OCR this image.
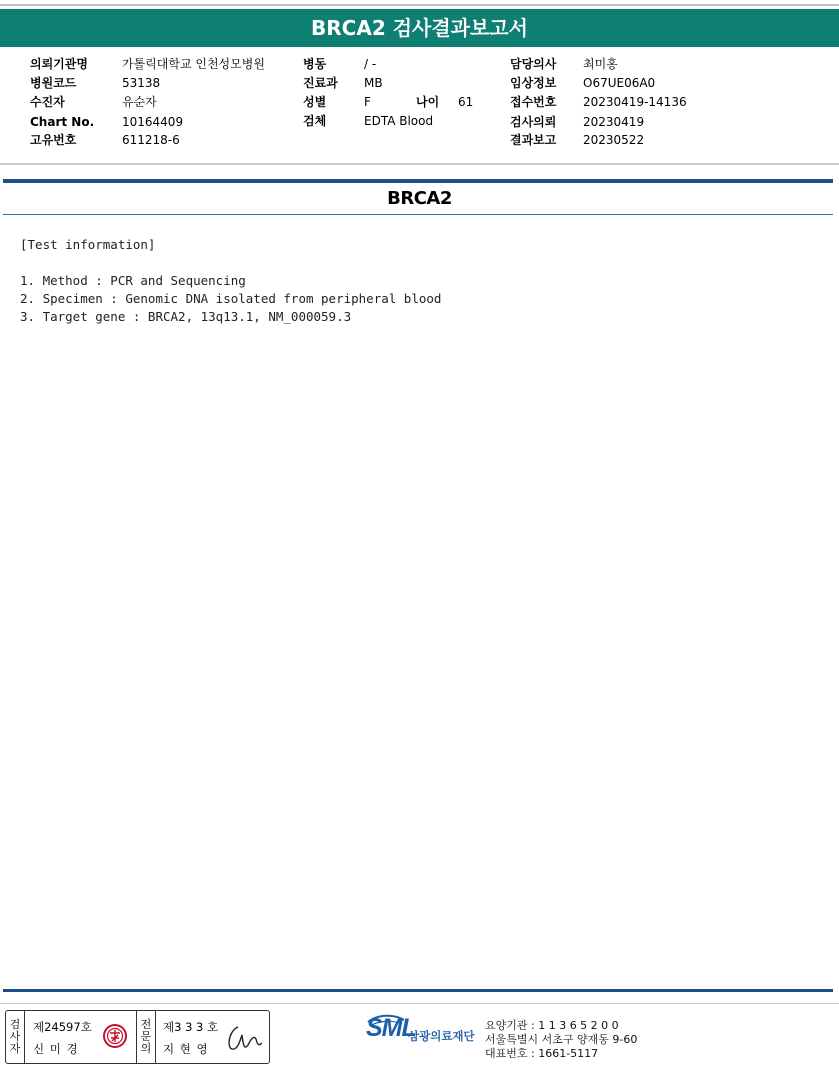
BRCA2 검사결과보고서
의뢰기관명
병원코드
수진자
Chart No.
고유번호
가톨릭대학교 인천성모병원
53138
유순자
10164409
611218-6
병동
진료과
성별
검체
/ -
MB
F
EDTA Blood
나이 61
담당의사
임상정보
접수번호
검사의뢰
결과보고
최미홍
O67UE06A0
20230419-14136
20230419
20230522
BRCA2
[Test information]
1. Method : PCR and Sequencing
2. Specimen : Genomic DNA isolated from peripheral blood
3. Target gene : BRCA2, 13q13.1, NM_000059.3
검
사
자
제24597호
신 미 경
전
문
의
제3 3 3 호
지 현 영
SML
삼광의료재단
요양기관 : 1 1 3 6 5 2 0 0
서울특별시 서초구 양재동 9-60
대표번호 : 1661-5117
